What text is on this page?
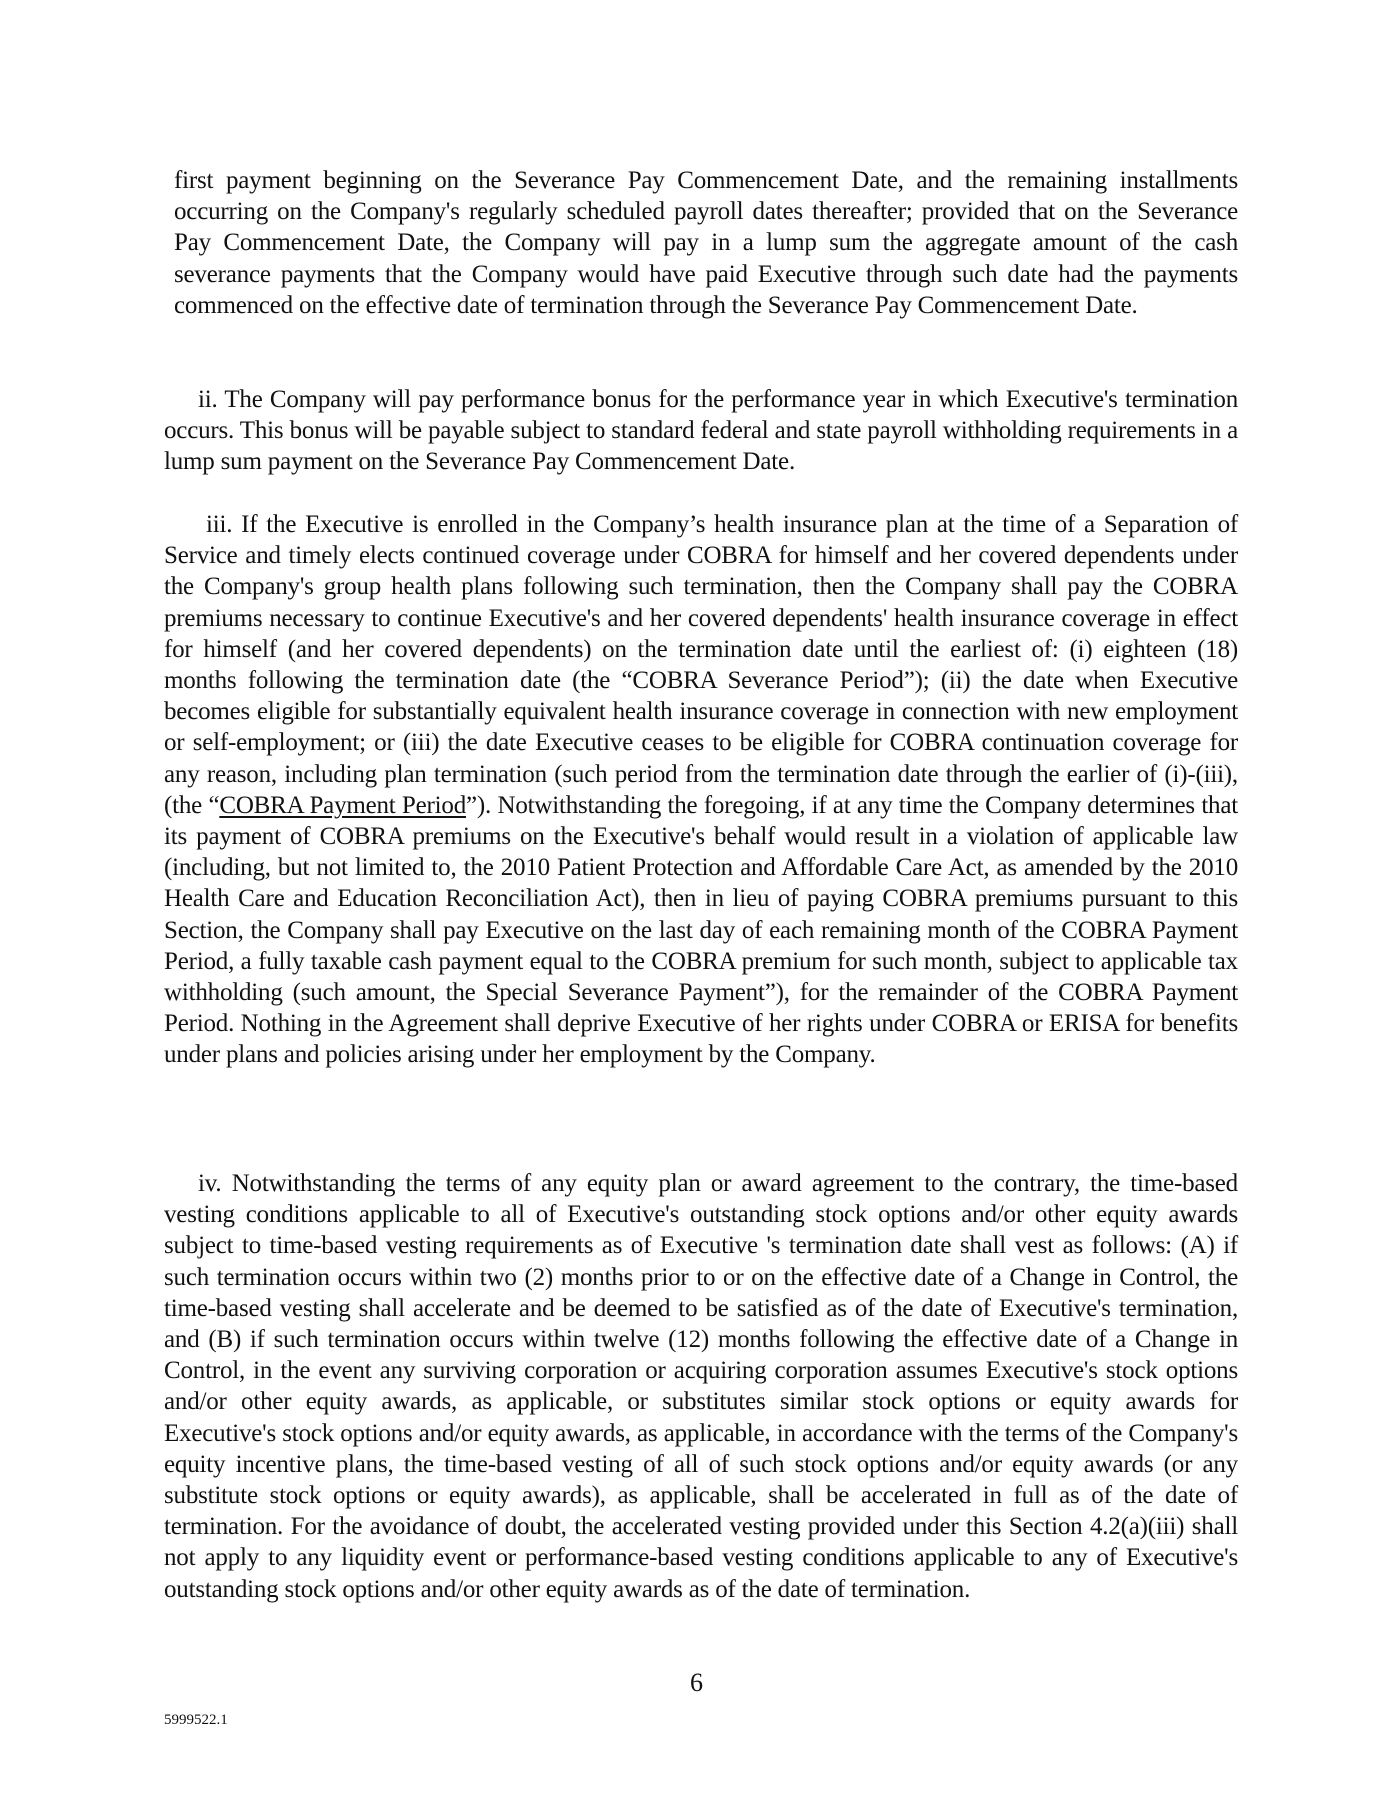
first payment beginning on the Severance Pay Commencement Date, and the remaining installments occurring on the Company's regularly scheduled payroll dates thereafter; provided that on the Severance Pay Commencement Date, the Company will pay in a lump sum the aggregate amount of the cash severance payments that the Company would have paid Executive through such date had the payments commenced on the effective date of termination through the Severance Pay Commencement Date.

ii. The Company will pay performance bonus for the performance year in which Executive's termination occurs. This bonus will be payable subject to standard federal and state payroll withholding requirements in a lump sum payment on the Severance Pay Commencement Date.

iii. If the Executive is enrolled in the Company’s health insurance plan at the time of a Separation of Service and timely elects continued coverage under COBRA for himself and her covered dependents under the Company's group health plans following such termination, then the Company shall pay the COBRA premiums necessary to continue Executive's and her covered dependents' health insurance coverage in effect for himself (and her covered dependents) on the termination date until the earliest of: (i) eighteen (18) months following the termination date (the “COBRA Severance Period”); (ii) the date when Executive becomes eligible for substantially equivalent health insurance coverage in connection with new employment or self-employment; or (iii) the date Executive ceases to be eligible for COBRA continuation coverage for any reason, including plan termination (such period from the termination date through the earlier of (i)-(iii), (the “COBRA Payment Period”). Notwithstanding the foregoing, if at any time the Company determines that its payment of COBRA premiums on the Executive's behalf would result in a violation of applicable law (including, but not limited to, the 2010 Patient Protection and Affordable Care Act, as amended by the 2010 Health Care and Education Reconciliation Act), then in lieu of paying COBRA premiums pursuant to this Section, the Company shall pay Executive on the last day of each remaining month of the COBRA Payment Period, a fully taxable cash payment equal to the COBRA premium for such month, subject to applicable tax withholding (such amount, the Special Severance Payment”), for the remainder of the COBRA Payment Period. Nothing in the Agreement shall deprive Executive of her rights under COBRA or ERISA for benefits under plans and policies arising under her employment by the Company.

iv. Notwithstanding the terms of any equity plan or award agreement to the contrary, the time-based vesting conditions applicable to all of Executive's outstanding stock options and/or other equity awards subject to time-based vesting requirements as of Executive 's termination date shall vest as follows: (A) if such termination occurs within two (2) months prior to or on the effective date of a Change in Control, the time-based vesting shall accelerate and be deemed to be satisfied as of the date of Executive's termination, and (B) if such termination occurs within twelve (12) months following the effective date of a Change in Control, in the event any surviving corporation or acquiring corporation assumes Executive's stock options and/or other equity awards, as applicable, or substitutes similar stock options or equity awards for Executive's stock options and/or equity awards, as applicable, in accordance with the terms of the Company's equity incentive plans, the time-based vesting of all of such stock options and/or equity awards (or any substitute stock options or equity awards), as applicable, shall be accelerated in full as of the date of termination. For the avoidance of doubt, the accelerated vesting provided under this Section 4.2(a)(iii) shall not apply to any liquidity event or performance-based vesting conditions applicable to any of Executive's outstanding stock options and/or other equity awards as of the date of termination.

6
5999522.1
